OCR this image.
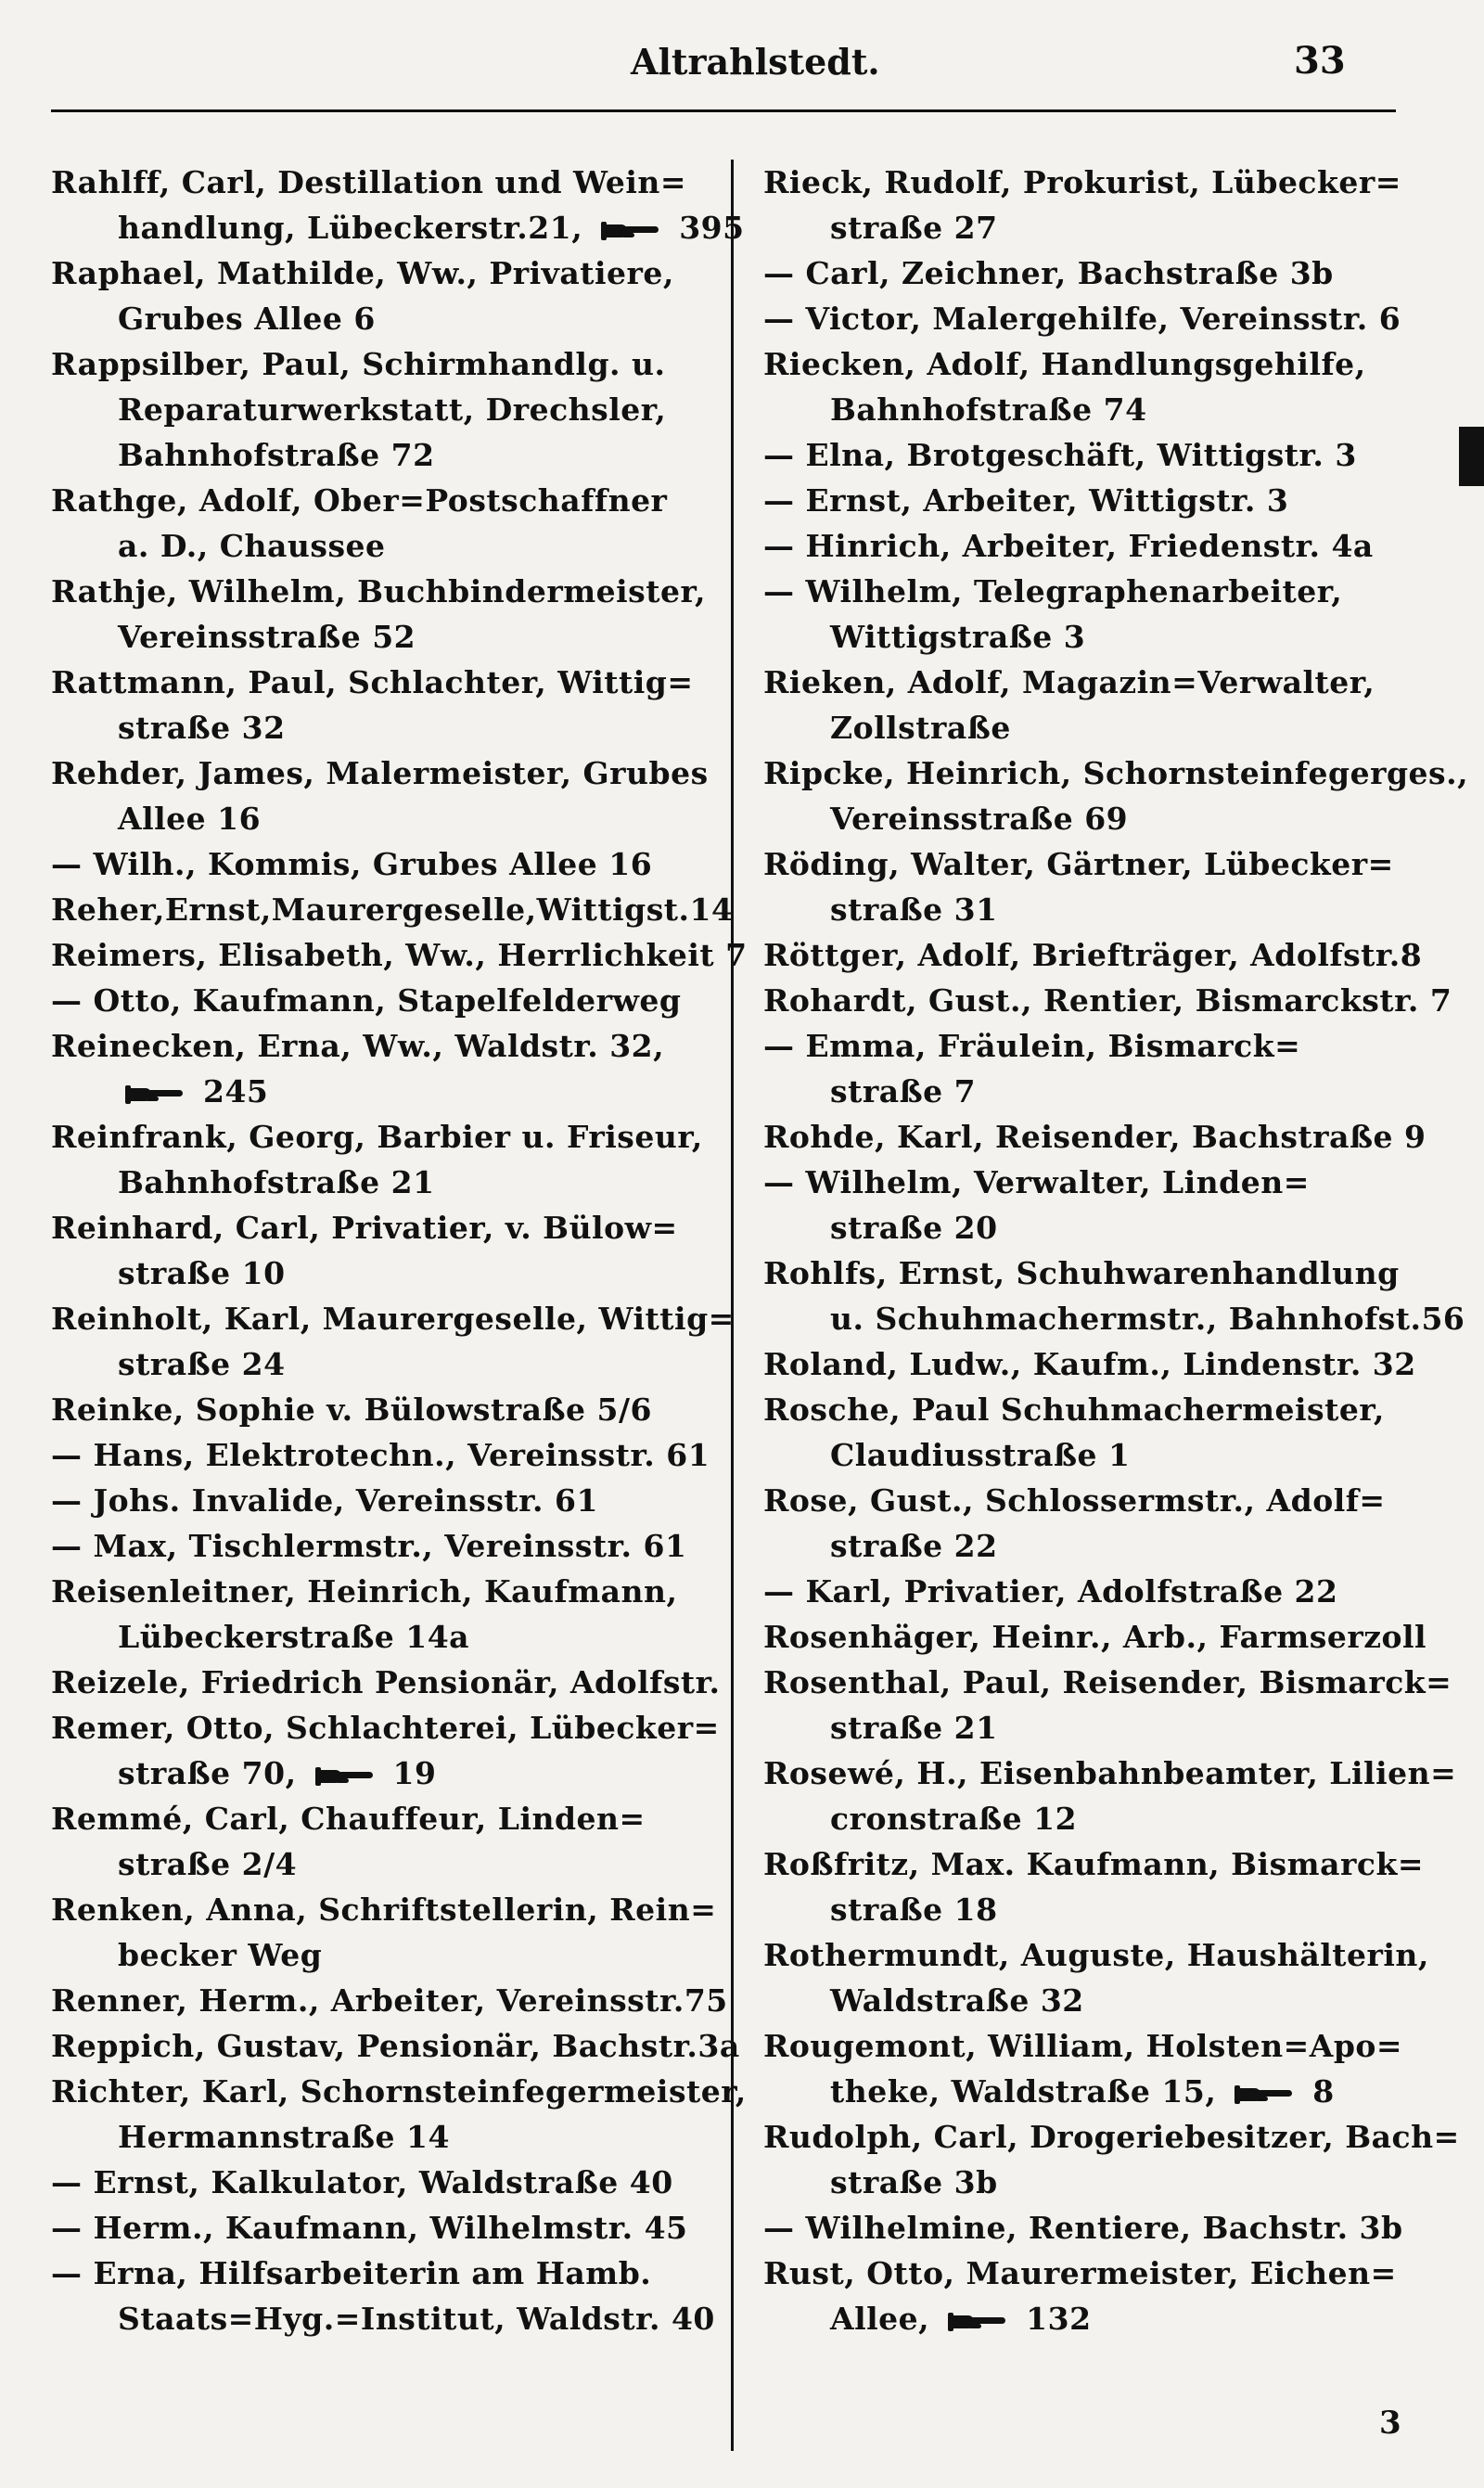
Altrahlstedt.	33
Rahlff, Carl, Destillation und Wein=
handlung, Lübeckerstr.21,  395
Raphael, Mathilde, Ww., Privatiere,
Grubes Allee 6
Rappsilber, Paul, Schirmhandlg. u.
Reparaturwerkstatt, Drechsler,
Bahnhofstraße 72
Rathge, Adolf, Ober=Postschaffner
a. D., Chaussee
Rathje, Wilhelm, Buchbindermeister,
Vereinsstraße 52
Rattmann, Paul, Schlachter, Wittig=
straße 32
Rehder, James, Malermeister, Grubes
Allee 16
— Wilh., Kommis, Grubes Allee 16
Reher,Ernst,Maurergeselle,Wittigst.14
Reimers, Elisabeth, Ww., Herrlichkeit 7
— Otto, Kaufmann, Stapelfelderweg
Reinecken, Erna, Ww., Waldstr. 32,
245
Reinfrank, Georg, Barbier u. Friseur,
Bahnhofstraße 21
Reinhard, Carl, Privatier, v. Bülow=
straße 10
Reinholt, Karl, Maurergeselle, Wittig=
straße 24
Reinke, Sophie v. Bülowstraße 5/6
— Hans, Elektrotechn., Vereinsstr. 61
— Johs. Invalide, Vereinsstr. 61
— Max, Tischlermstr., Vereinsstr. 61
Reisenleitner, Heinrich, Kaufmann,
Lübeckerstraße 14a
Reizele, Friedrich Pensionär, Adolfstr.
Remer, Otto, Schlachterei, Lübecker=
straße 70,  19
Remmé, Carl, Chauffeur, Linden=
straße 2/4
Renken, Anna, Schriftstellerin, Rein=
becker Weg
Renner, Herm., Arbeiter, Vereinsstr.75
Reppich, Gustav, Pensionär, Bachstr.3a
Richter, Karl, Schornsteinfegermeister,
Hermannstraße 14
— Ernst, Kalkulator, Waldstraße 40
— Herm., Kaufmann, Wilhelmstr. 45
— Erna, Hilfsarbeiterin am Hamb.
Staats=Hyg.=Institut, Waldstr. 40
Rieck, Rudolf, Prokurist, Lübecker=
straße 27
— Carl, Zeichner, Bachstraße 3b
— Victor, Malergehilfe, Vereinsstr. 6
Riecken, Adolf, Handlungsgehilfe,
Bahnhofstraße 74
— Elna, Brotgeschäft, Wittigstr. 3
— Ernst, Arbeiter, Wittigstr. 3
— Hinrich, Arbeiter, Friedenstr. 4a
— Wilhelm, Telegraphenarbeiter,
Wittigstraße 3
Rieken, Adolf, Magazin=Verwalter,
Zollstraße
Ripcke, Heinrich, Schornsteinfegerges.,
Vereinsstraße 69
Röding, Walter, Gärtner, Lübecker=
straße 31
Röttger, Adolf, Briefträger, Adolfstr.8
Rohardt, Gust., Rentier, Bismarckstr. 7
— Emma, Fräulein, Bismarck=
straße 7
Rohde, Karl, Reisender, Bachstraße 9
— Wilhelm, Verwalter, Linden=
straße 20
Rohlfs, Ernst, Schuhwarenhandlung
u. Schuhmachermstr., Bahnhofst.56
Roland, Ludw., Kaufm., Lindenstr. 32
Rosche, Paul Schuhmachermeister,
Claudiusstraße 1
Rose, Gust., Schlossermstr., Adolf=
straße 22
— Karl, Privatier, Adolfstraße 22
Rosenhäger, Heinr., Arb., Farmserzoll
Rosenthal, Paul, Reisender, Bismarck=
straße 21
Rosewé, H., Eisenbahnbeamter, Lilien=
cronstraße 12
Roßfritz, Max. Kaufmann, Bismarck=
straße 18
Rothermundt, Auguste, Haushälterin,
Waldstraße 32
Rougemont, William, Holsten=Apo=
theke, Waldstraße 15,  8
Rudolph, Carl, Drogeriebesitzer, Bach=
straße 3b
— Wilhelmine, Rentiere, Bachstr. 3b
Rust, Otto, Maurermeister, Eichen=
Allee,  132
3
